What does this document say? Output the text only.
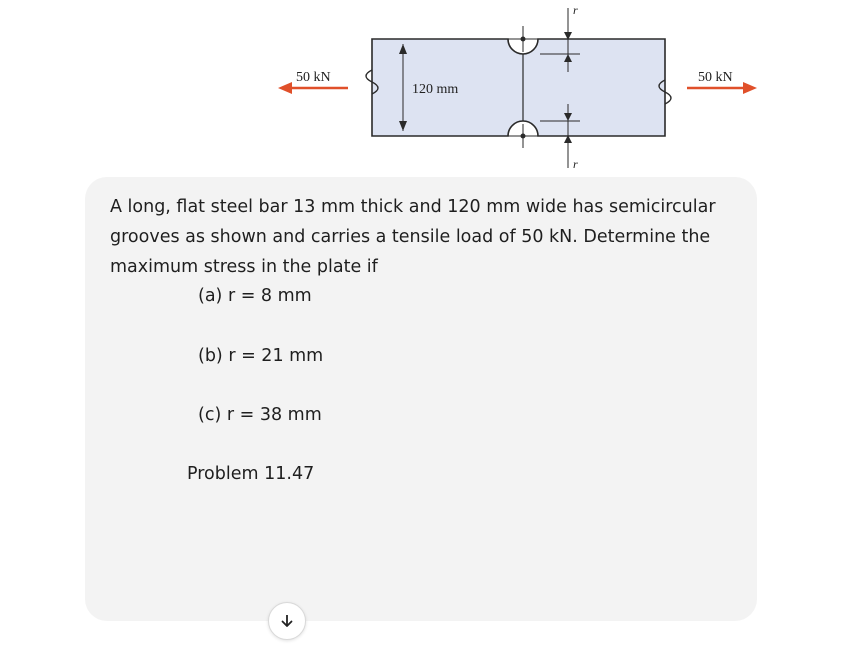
50 kN	50 kN
120 mm
r
r
A long, flat steel bar 13 mm thick and 120 mm wide has semicircular grooves as shown and carries a tensile load of 50 kN. Determine the maximum stress in the plate if
(a) r = 8 mm
(b) r = 21 mm
(c) r = 38 mm
Problem 11.47
